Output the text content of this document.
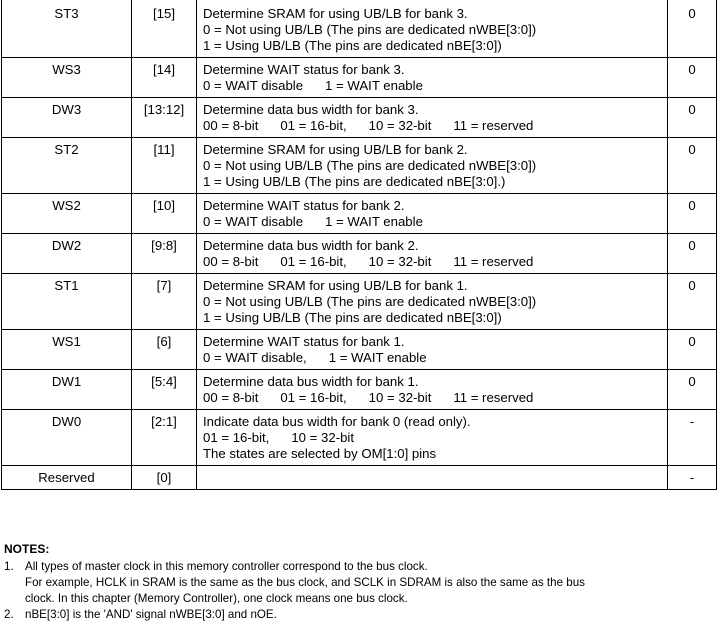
ST3	[15]	Determine SRAM for using UB/LB for bank 3.
0 = Not using UB/LB (The pins are dedicated nWBE[3:0])
1 = Using UB/LB (The pins are dedicated nBE[3:0])	0
WS3	[14]	Determine WAIT status for bank 3.
0 = WAIT disable      1 = WAIT enable	0
DW3	[13:12]	Determine data bus width for bank 3.
00 = 8-bit      01 = 16-bit,      10 = 32-bit      11 = reserved	0
ST2	[11]	Determine SRAM for using UB/LB for bank 2.
0 = Not using UB/LB (The pins are dedicated nWBE[3:0])
1 = Using UB/LB (The pins are dedicated nBE[3:0].)	0
WS2	[10]	Determine WAIT status for bank 2.
0 = WAIT disable      1 = WAIT enable	0
DW2	[9:8]	Determine data bus width for bank 2.
00 = 8-bit      01 = 16-bit,      10 = 32-bit      11 = reserved	0
ST1	[7]	Determine SRAM for using UB/LB for bank 1.
0 = Not using UB/LB (The pins are dedicated nWBE[3:0])
1 = Using UB/LB (The pins are dedicated nBE[3:0])	0
WS1	[6]	Determine WAIT status for bank 1.
0 = WAIT disable,      1 = WAIT enable	0
DW1	[5:4]	Determine data bus width for bank 1.
00 = 8-bit      01 = 16-bit,      10 = 32-bit      11 = reserved	0
DW0	[2:1]	Indicate data bus width for bank 0 (read only).
01 = 16-bit,      10 = 32-bit
The states are selected by OM[1:0] pins	-
Reserved	[0]		-
NOTES:
1. All types of master clock in this memory controller correspond to the bus clock.
For example, HCLK in SRAM is the same as the bus clock, and SCLK in SDRAM is also the same as the bus
clock. In this chapter (Memory Controller), one clock means one bus clock.
2. nBE[3:0] is the 'AND' signal nWBE[3:0] and nOE.
